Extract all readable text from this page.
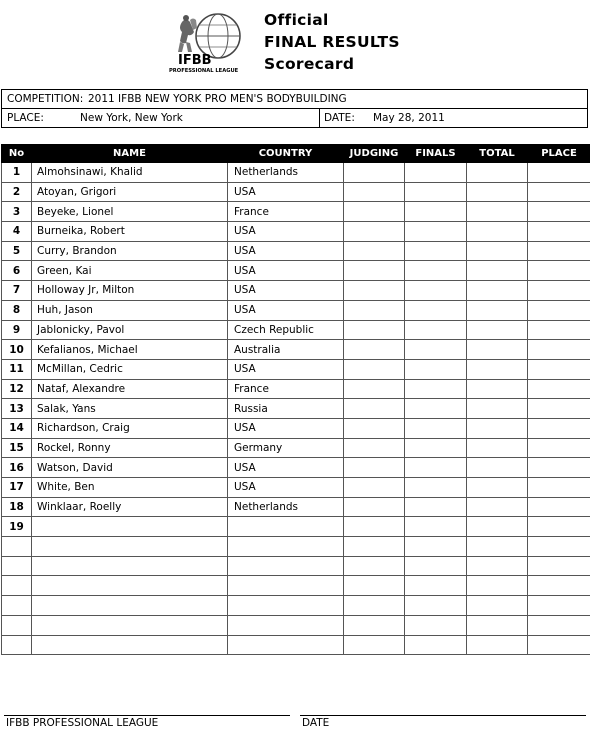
IFBB
PROFESSIONAL LEAGUE
Official
FINAL RESULTS
Scorecard
COMPETITION: 2011 IFBB NEW YORK PRO MEN'S BODYBUILDING
PLACE:	New York, New York	DATE: May 28, 2011
No	NAME	COUNTRY	JUDGING	FINALS	TOTAL	PLACE
1	Almohsinawi, Khalid	Netherlands				
2	Atoyan, Grigori	USA				
3	Beyeke, Lionel	France				
4	Burneika, Robert	USA				
5	Curry, Brandon	USA				
6	Green, Kai	USA				
7	Holloway Jr, Milton	USA				
8	Huh, Jason	USA				
9	Jablonicky, Pavol	Czech Republic				
10	Kefalianos, Michael	Australia				
11	McMillan, Cedric	USA				
12	Nataf, Alexandre	France				
13	Salak, Yans	Russia				
14	Richardson, Craig	USA				
15	Rockel, Ronny	Germany				
16	Watson, David	USA				
17	White, Ben	USA				
18	Winklaar, Roelly	Netherlands				
19						

IFBB PROFESSIONAL LEAGUE	DATE
